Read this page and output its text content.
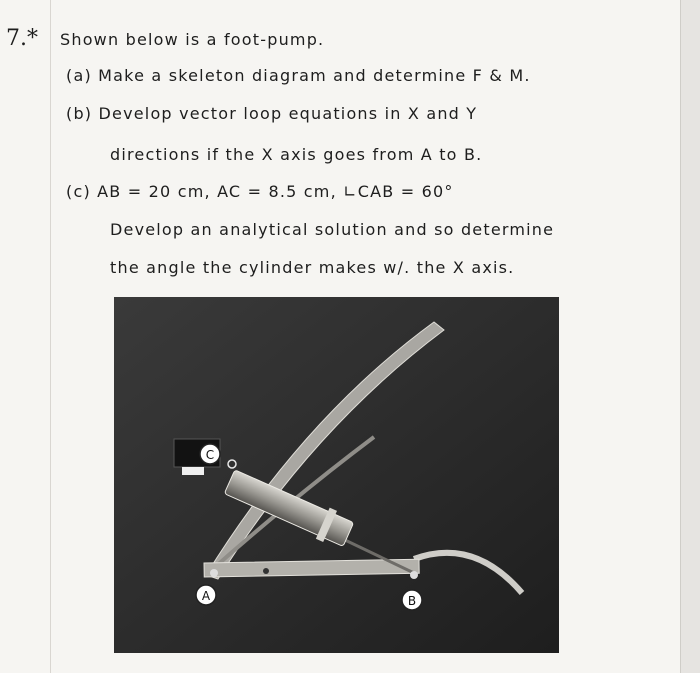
7.* Shown below is a foot-pump.
(a) Make a skeleton diagram and determine F & M.
(b) Develop vector loop equations in X and Y
directions if the X axis goes from A to B.
(c) AB = 20 cm, AC = 8.5 cm, ∟CAB = 60°
Develop an analytical solution and so determine
the angle the cylinder makes w/. the X axis.
C
A	B
